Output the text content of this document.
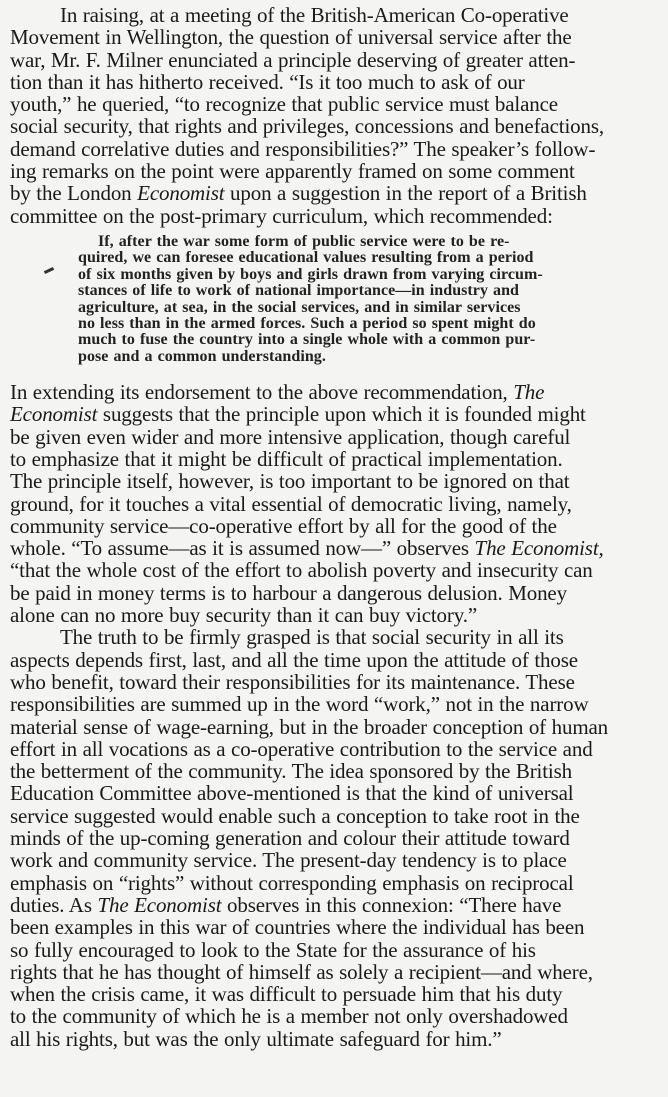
In raising, at a meeting of the British-American Co-operative
Movement in Wellington, the question of universal service after the
war, Mr. F. Milner enunciated a principle deserving of greater atten-
tion than it has hitherto received. “Is it too much to ask of our
youth,” he queried, “to recognize that public service must balance
social security, that rights and privileges, concessions and benefactions,
demand correlative duties and responsibilities?” The speaker’s follow-
ing remarks on the point were apparently framed on some comment
by the London Economist upon a suggestion in the report of a British
committee on the post-primary curriculum, which recommended:
If, after the war some form of public service were to be re-
quired, we can foresee educational values resulting from a period
of six months given by boys and girls drawn from varying circum-
stances of life to work of national importance—in industry and
agriculture, at sea, in the social services, and in similar services
no less than in the armed forces. Such a period so spent might do
much to fuse the country into a single whole with a common pur-
pose and a common understanding.
In extending its endorsement to the above recommendation, The
Economist suggests that the principle upon which it is founded might
be given even wider and more intensive application, though careful
to emphasize that it might be difficult of practical implementation.
The principle itself, however, is too important to be ignored on that
ground, for it touches a vital essential of democratic living, namely,
community service—co-operative effort by all for the good of the
whole. “To assume—as it is assumed now—” observes The Economist,
“that the whole cost of the effort to abolish poverty and insecurity can
be paid in money terms is to harbour a dangerous delusion. Money
alone can no more buy security than it can buy victory.”
The truth to be firmly grasped is that social security in all its
aspects depends first, last, and all the time upon the attitude of those
who benefit, toward their responsibilities for its maintenance. These
responsibilities are summed up in the word “work,” not in the narrow
material sense of wage-earning, but in the broader conception of human
effort in all vocations as a co-operative contribution to the service and
the betterment of the community. The idea sponsored by the British
Education Committee above-mentioned is that the kind of universal
service suggested would enable such a conception to take root in the
minds of the up-coming generation and colour their attitude toward
work and community service. The present-day tendency is to place
emphasis on “rights” without corresponding emphasis on reciprocal
duties. As The Economist observes in this connexion: “There have
been examples in this war of countries where the individual has been
so fully encouraged to look to the State for the assurance of his
rights that he has thought of himself as solely a recipient—and where,
when the crisis came, it was difficult to persuade him that his duty
to the community of which he is a member not only overshadowed
all his rights, but was the only ultimate safeguard for him.”
